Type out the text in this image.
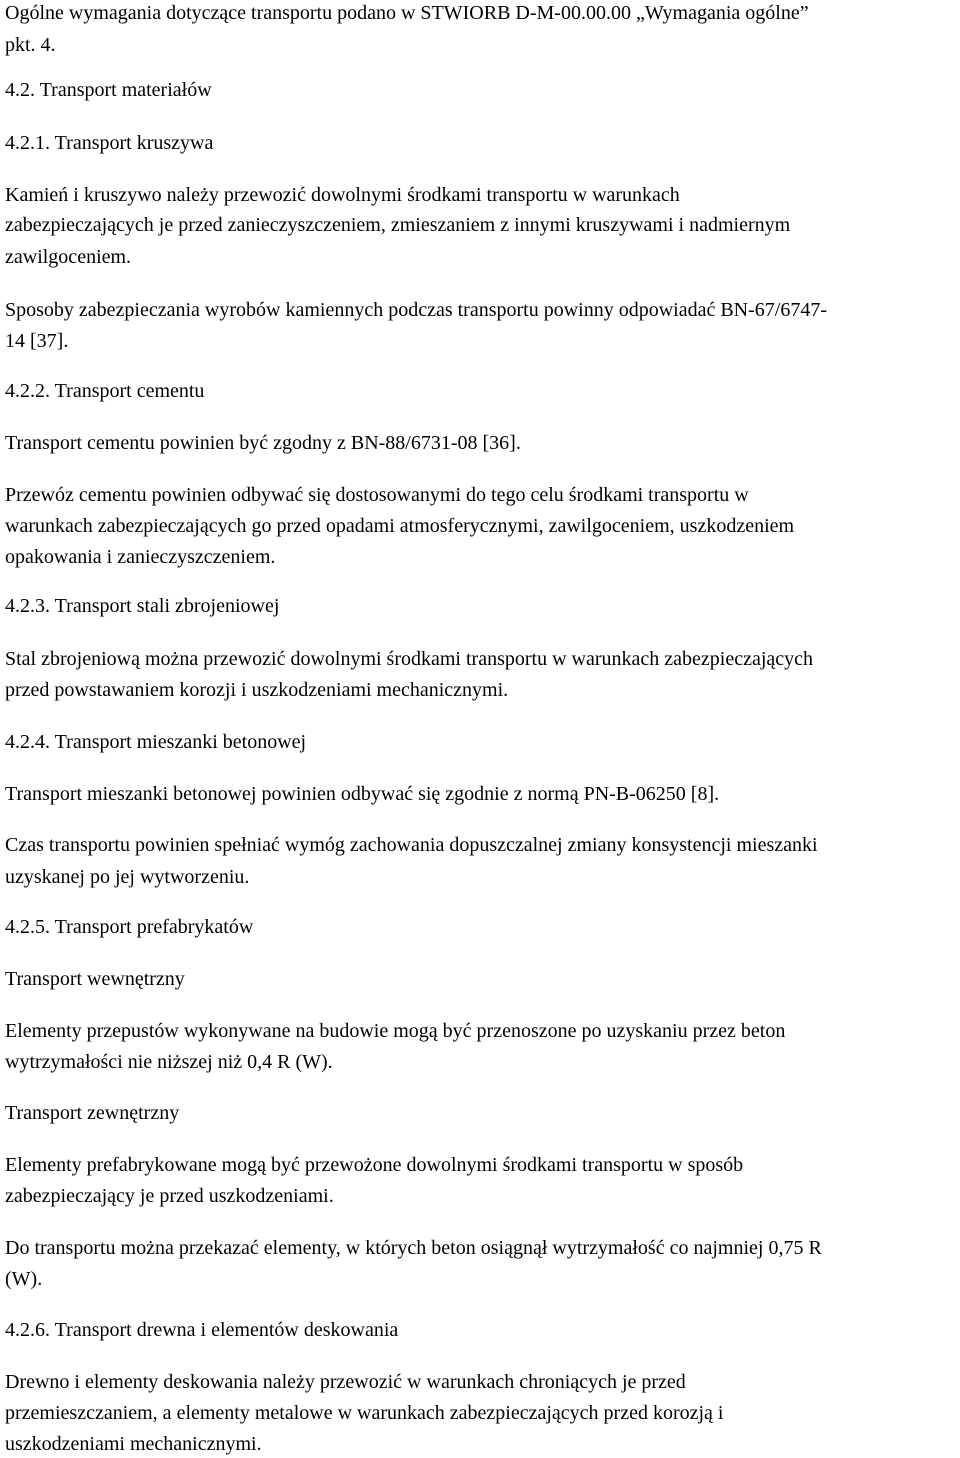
Ogólne wymagania dotyczące transportu podano w STWIORB D-M-00.00.00 „Wymagania ogólne”
pkt. 4.
4.2. Transport materiałów
4.2.1. Transport kruszywa
Kamień i kruszywo należy przewozić dowolnymi środkami transportu w warunkach
zabezpieczających je przed zanieczyszczeniem, zmieszaniem z innymi kruszywami i nadmiernym
zawilgoceniem.
Sposoby zabezpieczania wyrobów kamiennych podczas transportu powinny odpowiadać BN-67/6747-
14 [37].
4.2.2. Transport cementu
Transport cementu powinien być zgodny z BN-88/6731-08 [36].
Przewóz cementu powinien odbywać się dostosowanymi do tego celu środkami transportu w
warunkach zabezpieczających go przed opadami atmosferycznymi, zawilgoceniem, uszkodzeniem
opakowania i zanieczyszczeniem.
4.2.3. Transport stali zbrojeniowej
Stal zbrojeniową można przewozić dowolnymi środkami transportu w warunkach zabezpieczających
przed powstawaniem korozji i uszkodzeniami mechanicznymi.
4.2.4. Transport mieszanki betonowej
Transport mieszanki betonowej powinien odbywać się zgodnie z normą PN-B-06250 [8].
Czas transportu powinien spełniać wymóg zachowania dopuszczalnej zmiany konsystencji mieszanki
uzyskanej po jej wytworzeniu.
4.2.5. Transport prefabrykatów
Transport wewnętrzny
Elementy przepustów wykonywane na budowie mogą być przenoszone po uzyskaniu przez beton
wytrzymałości nie niższej niż 0,4 R (W).
Transport zewnętrzny
Elementy prefabrykowane mogą być przewożone dowolnymi środkami transportu w sposób
zabezpieczający je przed uszkodzeniami.
Do transportu można przekazać elementy, w których beton osiągnął wytrzymałość co najmniej 0,75 R
(W).
4.2.6. Transport drewna i elementów deskowania
Drewno i elementy deskowania należy przewozić w warunkach chroniących je przed
przemieszczaniem, a elementy metalowe w warunkach zabezpieczających przed korozją i
uszkodzeniami mechanicznymi.
